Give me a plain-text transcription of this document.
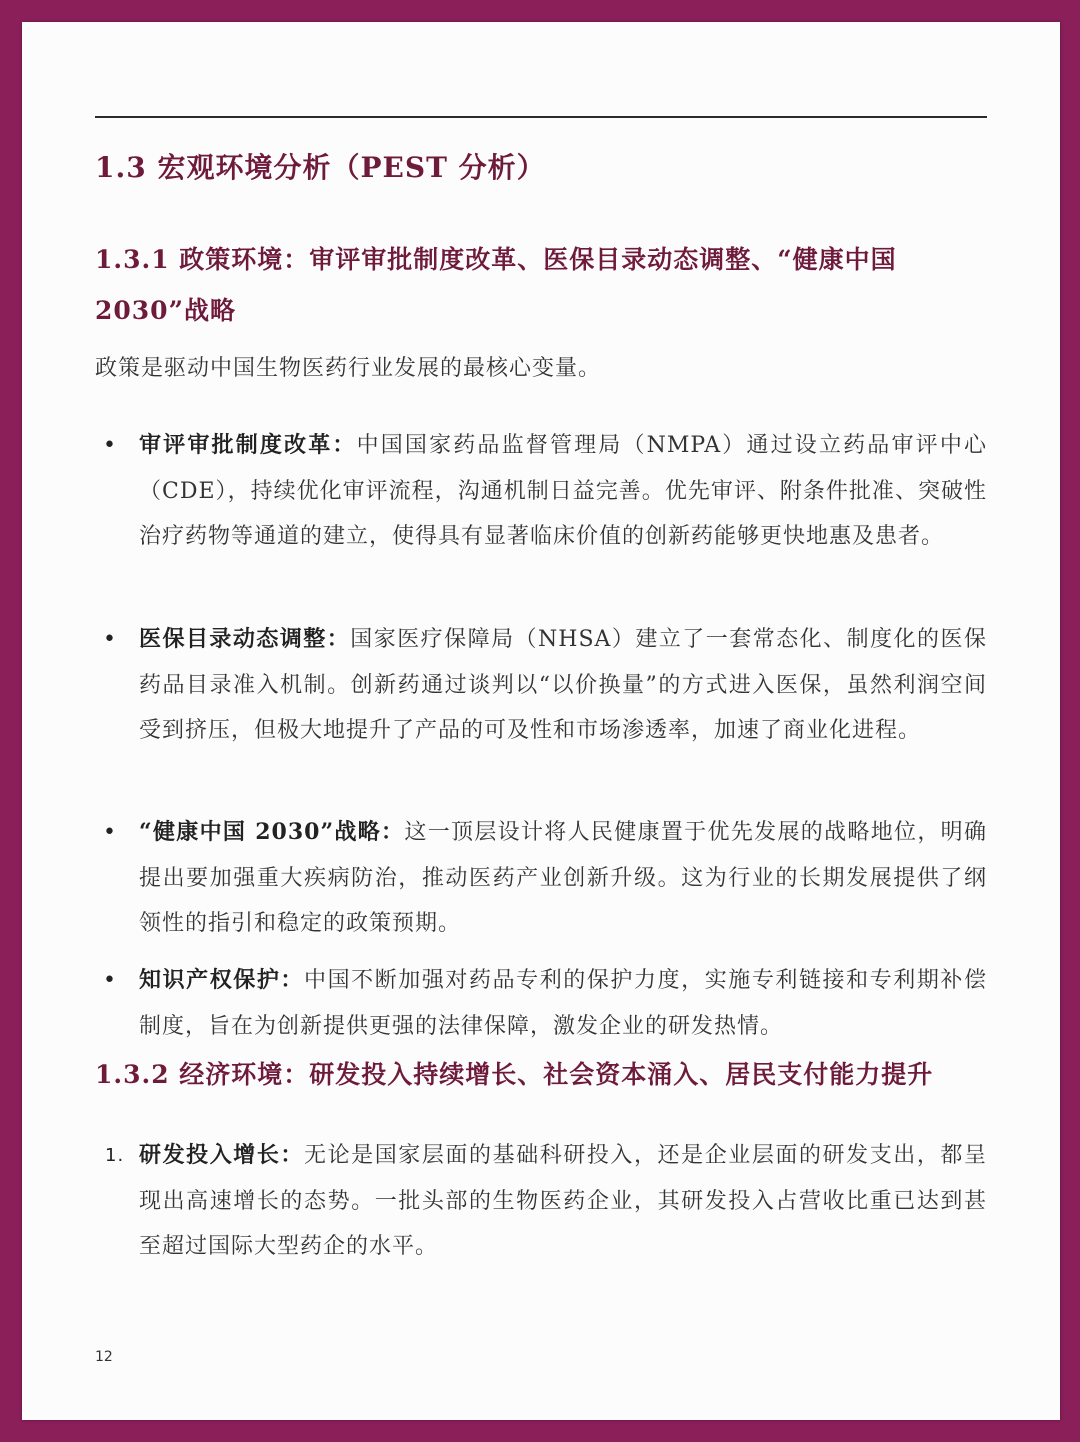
1.3 宏观环境分析（PEST 分析）
1.3.1 政策环境：审评审批制度改革、医保目录动态调整、“健康中国 2030”战略

政策是驱动中国生物医药行业发展的最核心变量。

•	审评审批制度改革：中国国家药品监督管理局（NMPA）通过设立药品审评中心（CDE），持续优化审评流程，沟通机制日益完善。优先审评、附条件批准、突破性治疗药物等通道的建立，使得具有显著临床价值的创新药能够更快地惠及患者。
•	医保目录动态调整：国家医疗保障局（NHSA）建立了一套常态化、制度化的医保药品目录准入机制。创新药通过谈判以“以价换量”的方式进入医保，虽然利润空间受到挤压，但极大地提升了产品的可及性和市场渗透率，加速了商业化进程。
•	“健康中国 2030”战略：这一顶层设计将人民健康置于优先发展的战略地位，明确提出要加强重大疾病防治，推动医药产业创新升级。这为行业的长期发展提供了纲领性的指引和稳定的政策预期。
•	知识产权保护：中国不断加强对药品专利的保护力度，实施专利链接和专利期补偿制度，旨在为创新提供更强的法律保障，激发企业的研发热情。
1.3.2 经济环境：研发投入持续增长、社会资本涌入、居民支付能力提升
1. 研发投入增长：无论是国家层面的基础科研投入，还是企业层面的研发支出，都呈现出高速增长的态势。一批头部的生物医药企业，其研发投入占营收比重已达到甚至超过国际大型药企的水平。
12
